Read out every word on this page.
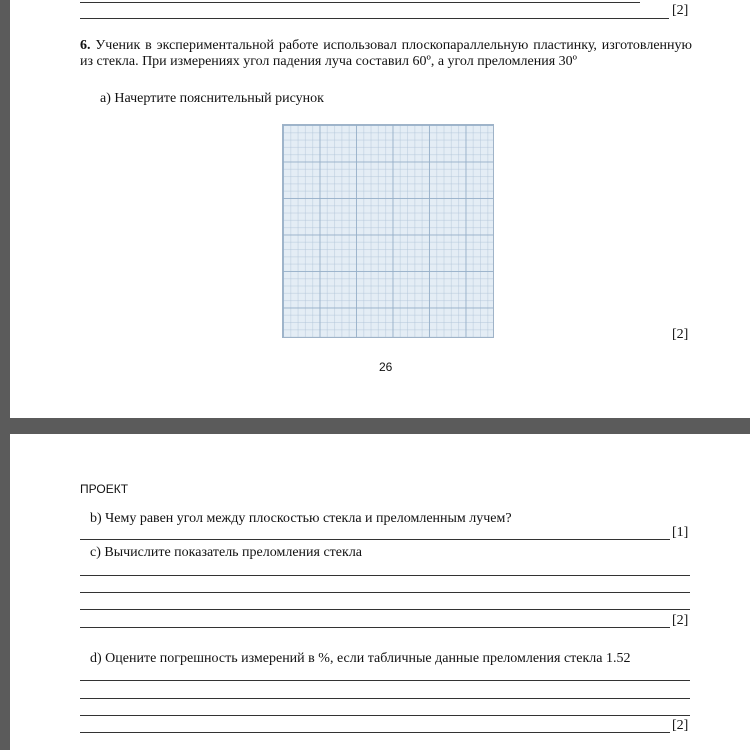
[2]
6. Ученик в экспериментальной работе использовал плоскопараллельную пластинку, изготовленную из стекла. При измерениях угол падения луча составил 60º, а угол преломления 30º
a) Начертите пояснительный рисунок
[2]
26
ПРОЕКТ
b) Чему равен угол между плоскостью стекла и преломленным лучем?
[1]
c) Вычислите показатель преломления стекла
[2]
d) Оцените погрешность измерений в %, если табличные данные преломления стекла 1.52
[2]
